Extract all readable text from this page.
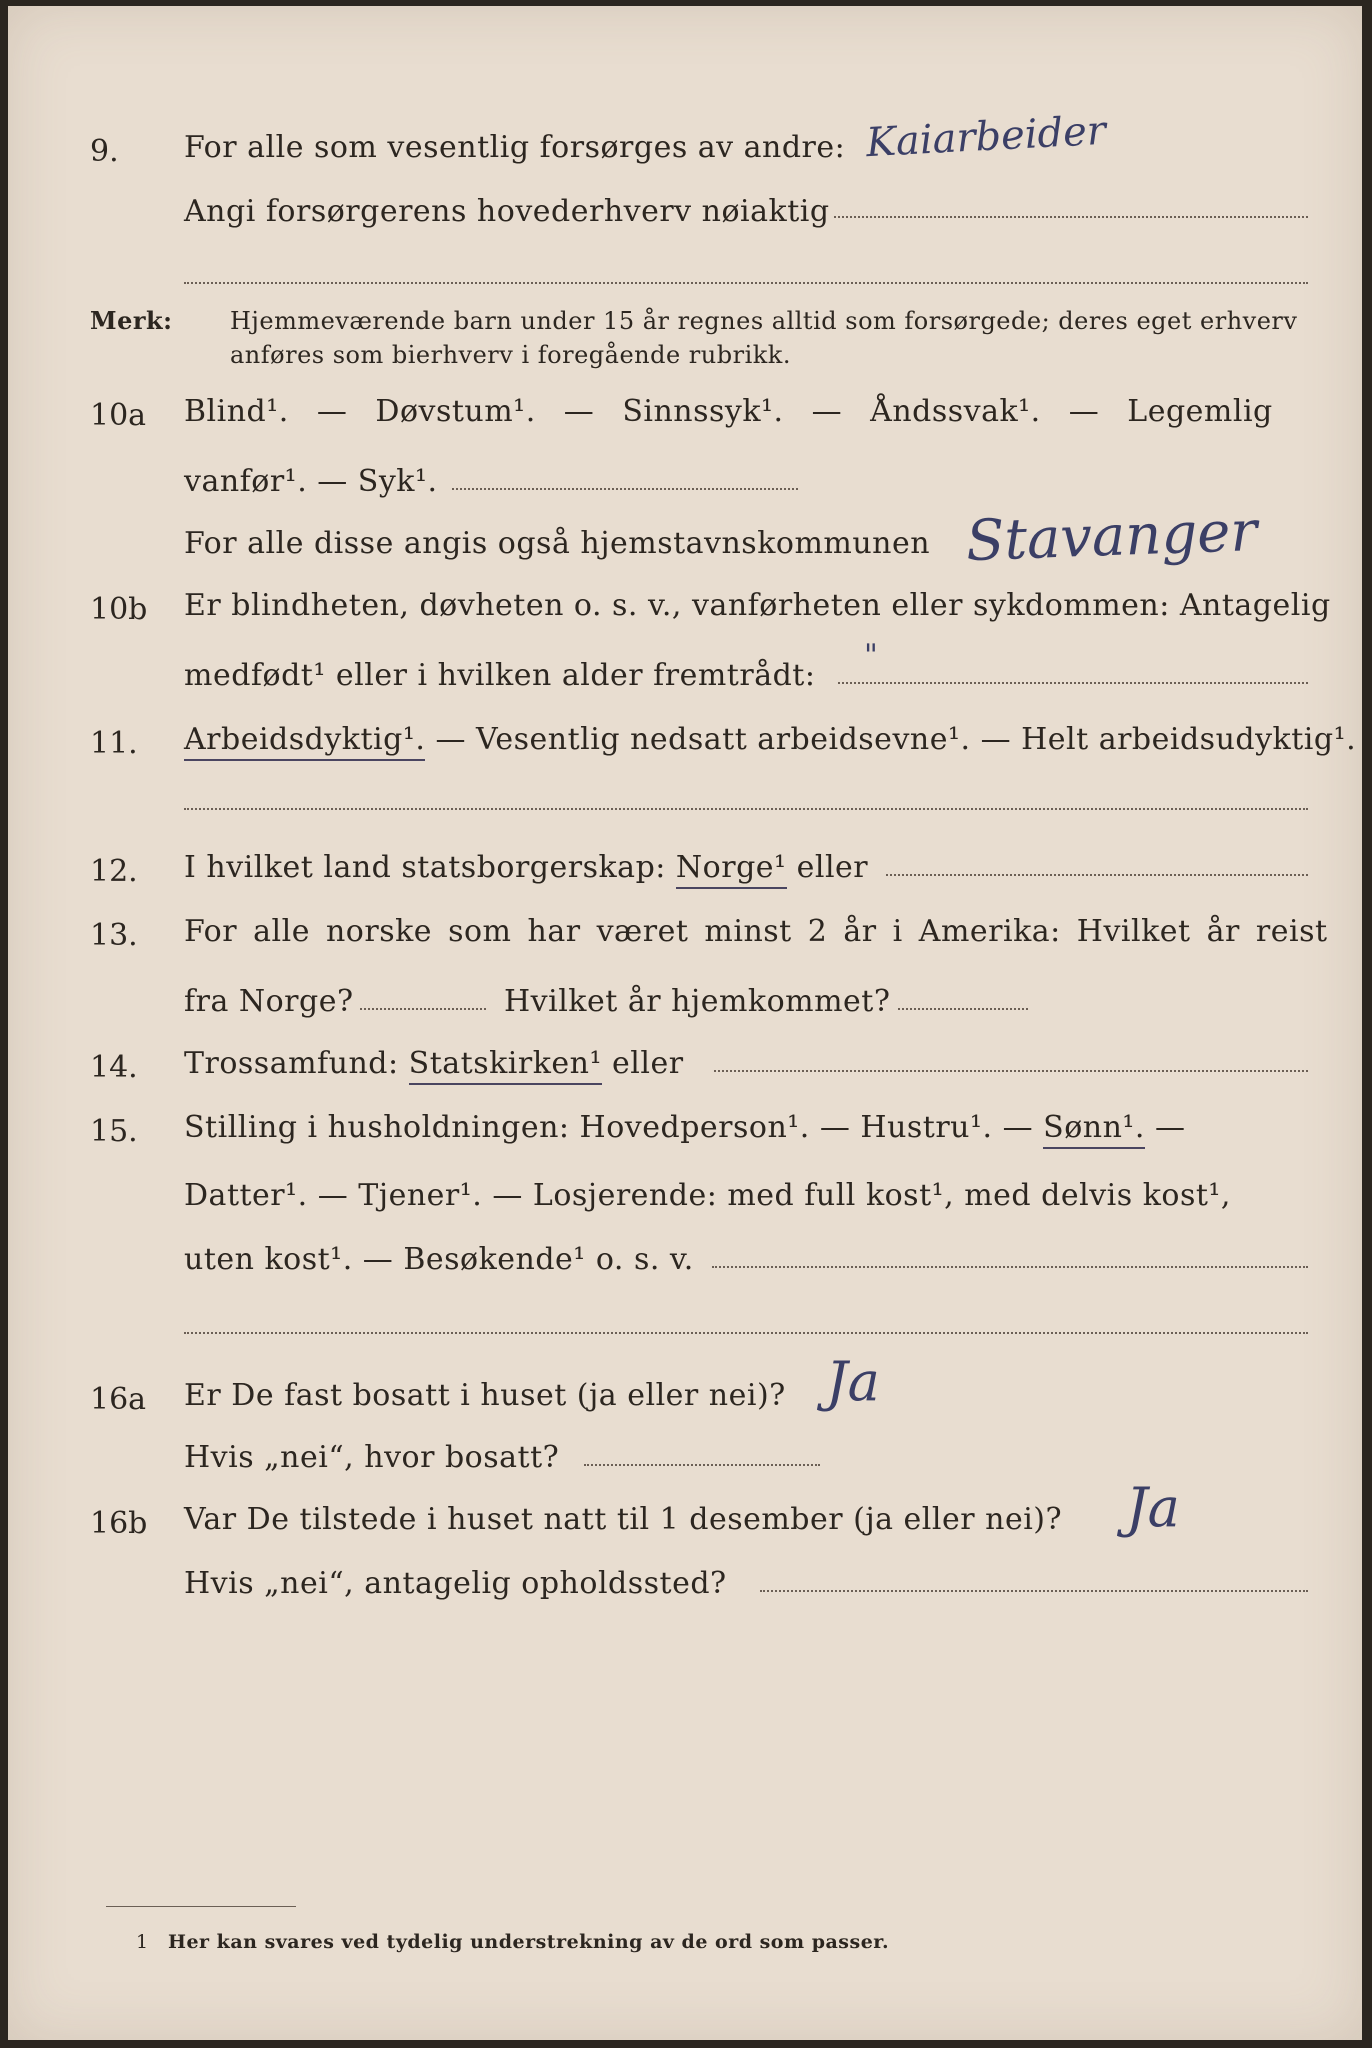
9. For alle som vesentlig forsørges av andre: Kaiarbeider
Angi forsørgerens hovederhverv nøiaktig
Merk: Hjemmeværende barn under 15 år regnes alltid som forsørgede; deres eget erhverv
anføres som bierhverv i foregående rubrikk.
10a Blind¹. — Døvstum¹. — Sinnssyk¹. — Åndssvak¹. — Legemlig
vanfør¹. — Syk¹.
For alle disse angis også hjemstavnskommunen Stavanger
10b Er blindheten, døvheten o. s. v., vanførheten eller sykdommen: Antagelig
medfødt¹ eller i hvilken alder fremtrådt:
"
11. Arbeidsdyktig¹. — Vesentlig nedsatt arbeidsevne¹. — Helt arbeidsudyktig¹.
12. I hvilket land statsborgerskap: Norge¹ eller
13. For alle norske som har været minst 2 år i Amerika: Hvilket år reist
fra Norge?	Hvilket år hjemkommet?
14. Trossamfund: Statskirken¹ eller
15. Stilling i husholdningen: Hovedperson¹. — Hustru¹. — Sønn¹. —
Datter¹. — Tjener¹. — Losjerende: med full kost¹, med delvis kost¹,
uten kost¹. — Besøkende¹ o. s. v.
16a Er De fast bosatt i huset (ja eller nei)? Ja
Hvis „nei“, hvor bosatt?
16b Var De tilstede i huset natt til 1 desember (ja eller nei)? Ja
Hvis „nei“, antagelig opholdssted?
1 Her kan svares ved tydelig understrekning av de ord som passer.
